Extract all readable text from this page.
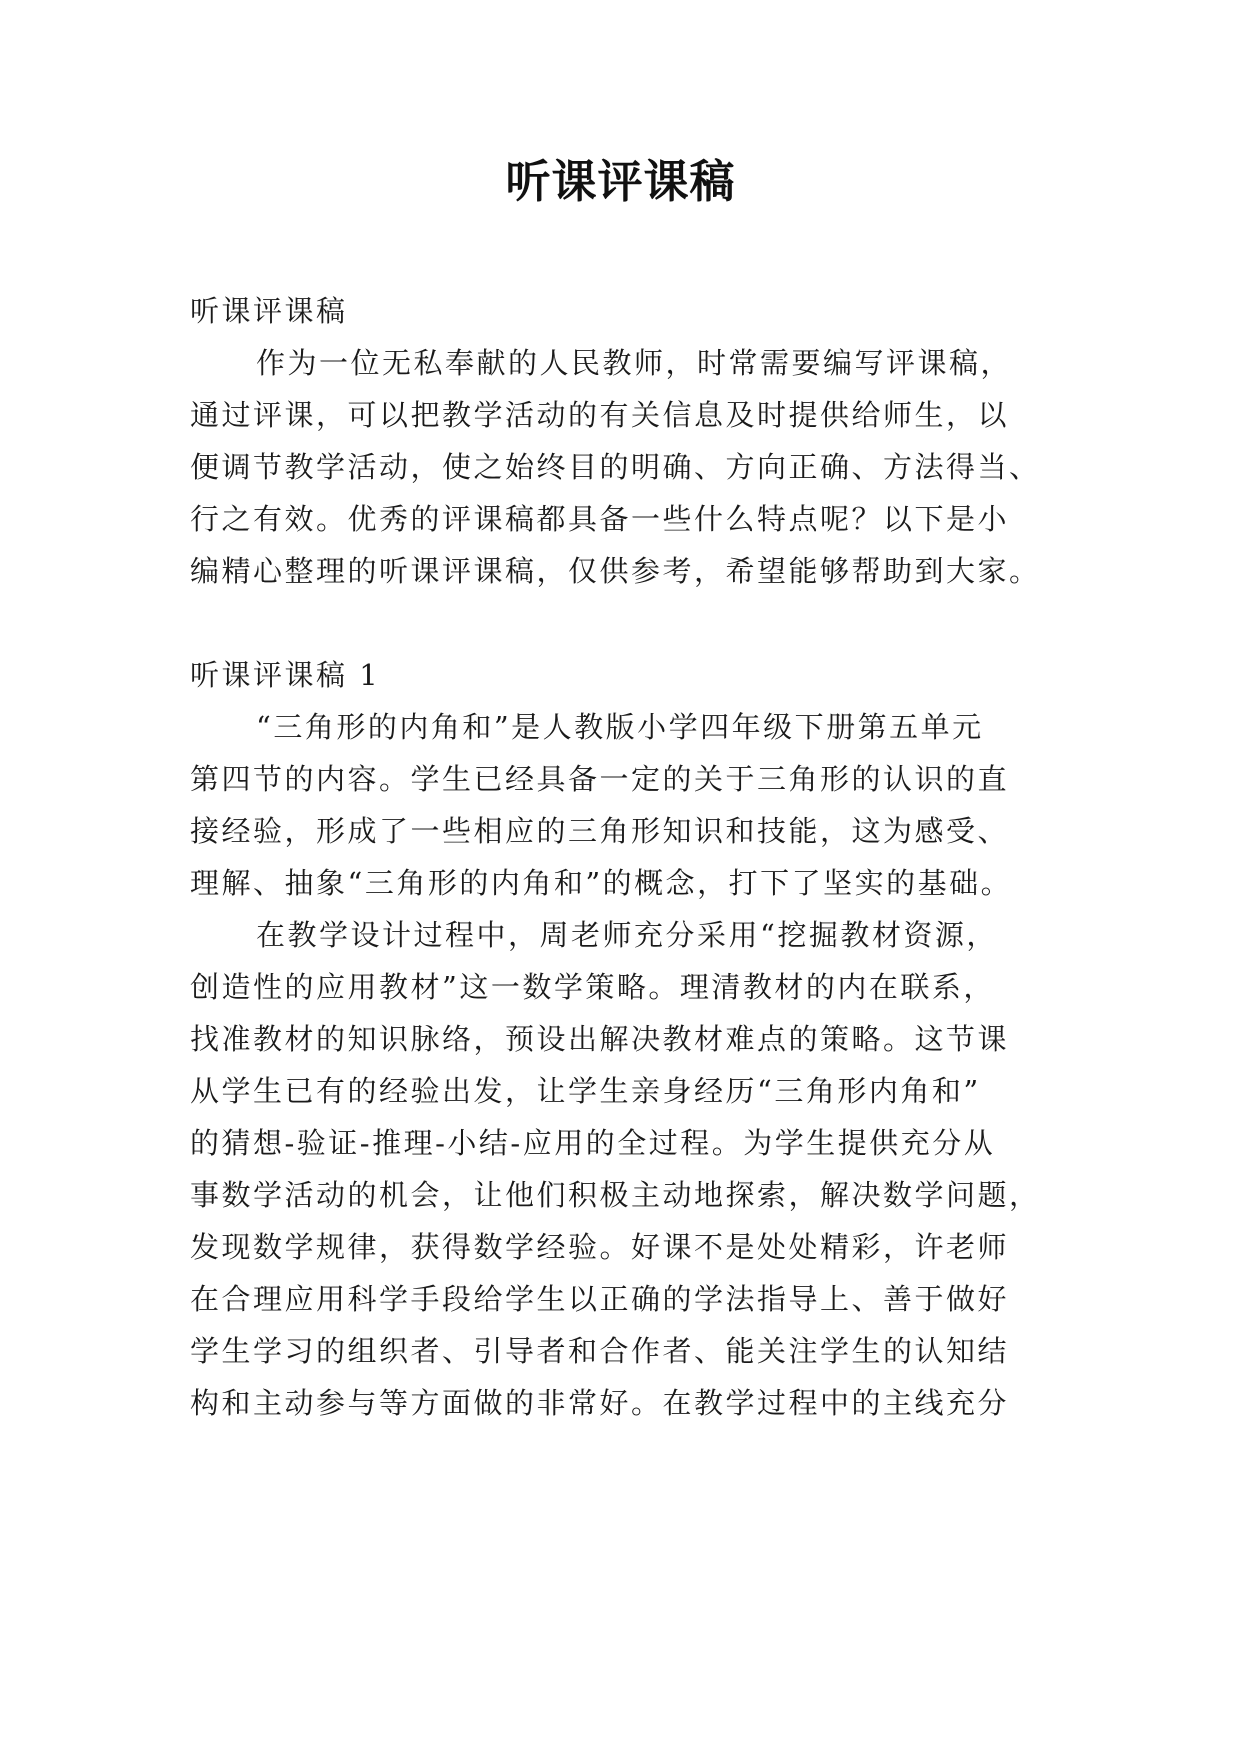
听课评课稿

听课评课稿

作为一位无私奉献的人民教师，时常需要编写评课稿，
通过评课，可以把教学活动的有关信息及时提供给师生，以
便调节教学活动，使之始终目的明确、方向正确、方法得当、
行之有效。优秀的评课稿都具备一些什么特点呢？以下是小
编精心整理的听课评课稿，仅供参考，希望能够帮助到大家。

听课评课稿 1

“三角形的内角和”是人教版小学四年级下册第五单元
第四节的内容。学生已经具备一定的关于三角形的认识的直
接经验，形成了一些相应的三角形知识和技能，这为感受、
理解、抽象“三角形的内角和”的概念，打下了坚实的基础。
在教学设计过程中，周老师充分采用“挖掘教材资源，
创造性的应用教材”这一数学策略。理清教材的内在联系，
找准教材的知识脉络，预设出解决教材难点的策略。这节课
从学生已有的经验出发，让学生亲身经历“三角形内角和”
的猜想-验证-推理-小结-应用的全过程。为学生提供充分从
事数学活动的机会，让他们积极主动地探索，解决数学问题，
发现数学规律，获得数学经验。好课不是处处精彩，许老师
在合理应用科学手段给学生以正确的学法指导上、善于做好
学生学习的组织者、引导者和合作者、能关注学生的认知结
构和主动参与等方面做的非常好。在教学过程中的主线充分
